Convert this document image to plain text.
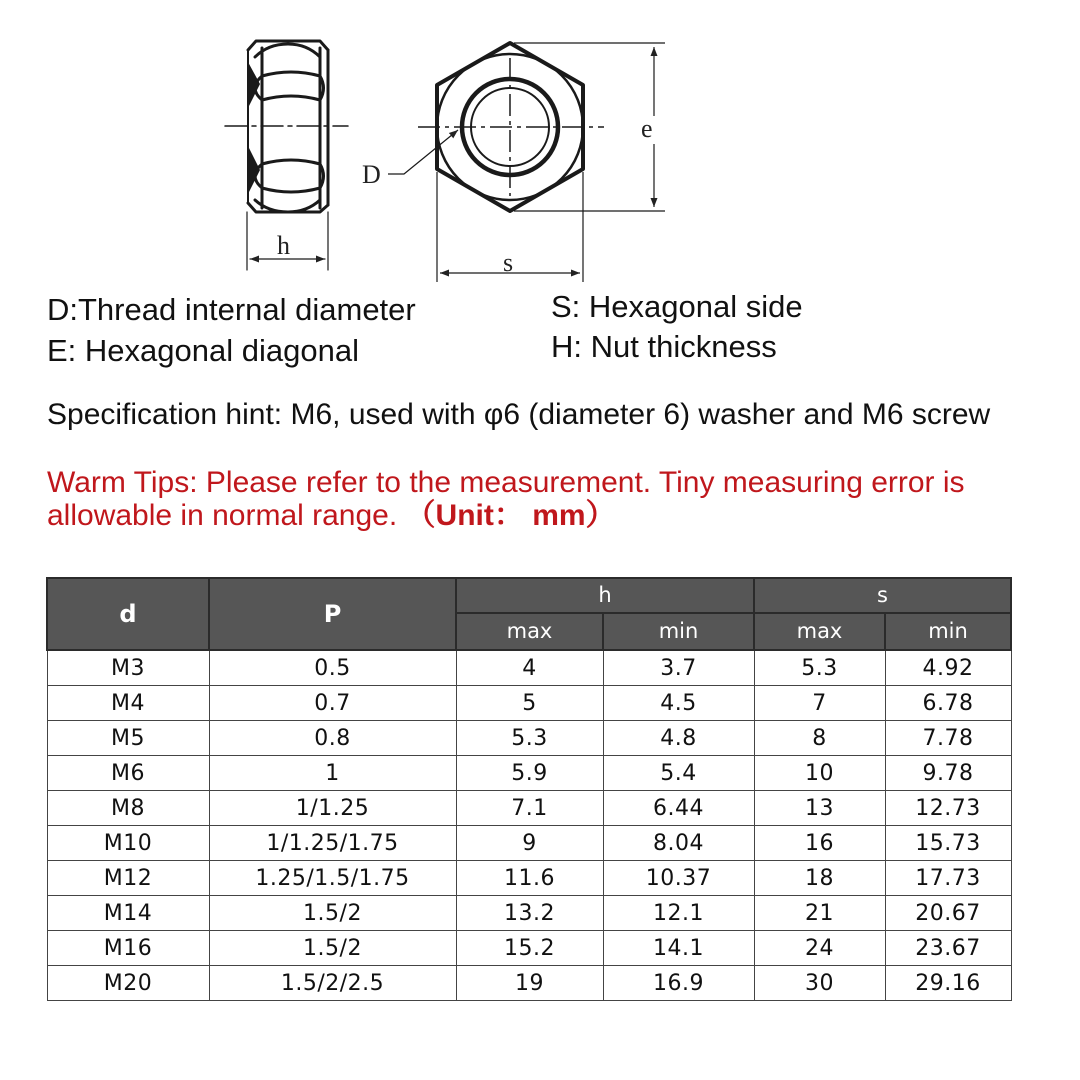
h
e
D
s
D:Thread internal diameter
E: Hexagonal diagonal
S: Hexagonal side
H: Nut thickness
Specification hint: M6, used with φ6 (diameter 6) washer and M6 screw
Warm Tips: Please refer to the measurement. Tiny measuring error is allowable in normal range. （Unit： mm）
d	P	h		s	
		max	min	max	min
M3	0.5	4	3.7	5.3	4.92
M4	0.7	5	4.5	7	6.78
M5	0.8	5.3	4.8	8	7.78
M6	1	5.9	5.4	10	9.78
M8	1/1.25	7.1	6.44	13	12.73
M10	1/1.25/1.75	9	8.04	16	15.73
M12	1.25/1.5/1.75	11.6	10.37	18	17.73
M14	1.5/2	13.2	12.1	21	20.67
M16	1.5/2	15.2	14.1	24	23.67
M20	1.5/2/2.5	19	16.9	30	29.16
